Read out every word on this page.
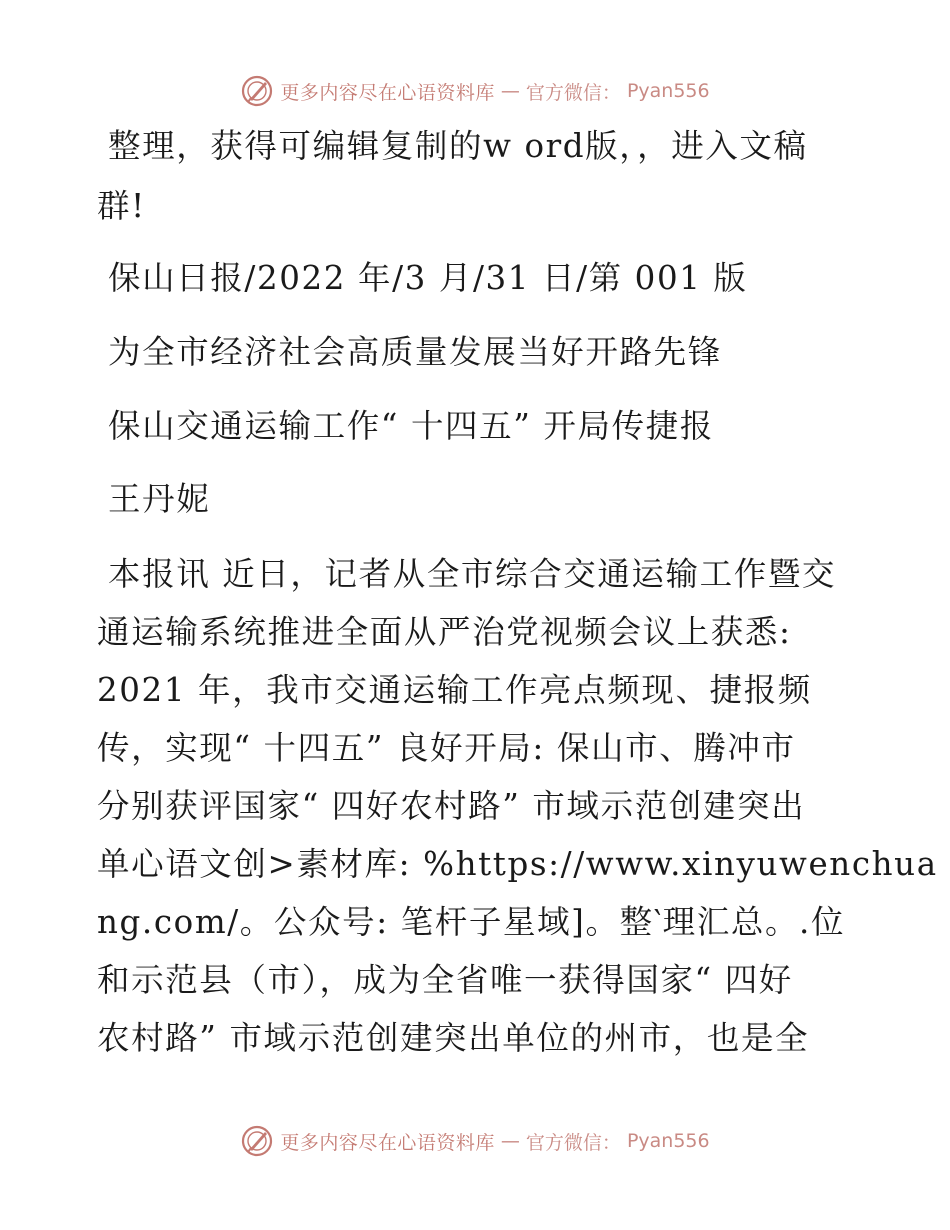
更多内容尽在心语资料库 — 官方微信： Pyan556
整理，获得可编辑复制的w ord版，，进入文稿
群!
保山日报/2022 年/3 月/31 日/第 001 版
为全市经济社会高质量发展当好开路先锋
保山交通运输工作“ 十四五” 开局传捷报
王丹妮
本报讯 近日，记者从全市综合交通运输工作暨交
通运输系统推进全面从严治党视频会议上获悉:
2021 年，我市交通运输工作亮点频现、捷报频
传，实现“ 十四五” 良好开局: 保山市、腾冲市
分别获评国家“ 四好农村路” 市域示范创建突出
单心语文创>素材库: %https://www.xinyuwenchua
ng.com/。公众号: 笔杆子星域]。整‵理汇总。.位
和示范县（市），成为全省唯一获得国家“ 四好
农村路” 市域示范创建突出单位的州市，也是全
更多内容尽在心语资料库 — 官方微信： Pyan556
